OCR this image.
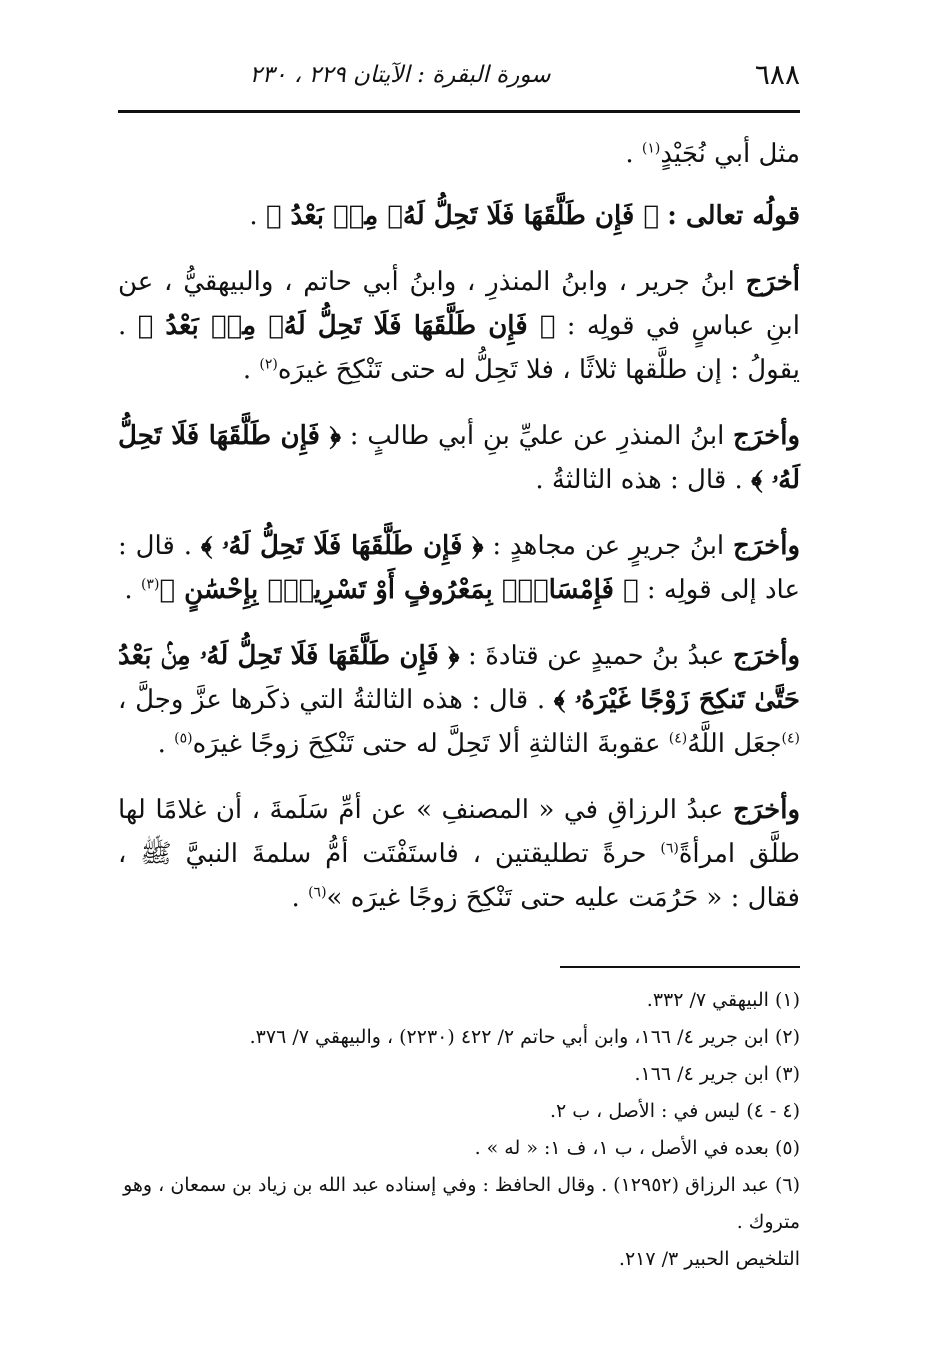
٦٨٨
سورة البقرة : الآيتان ٢٢٩ ، ٢٣٠

مثل أبي نُجَيْدٍ$^{(١)}$ .

قولُه تعالى : ﴿ فَإِن طَلَّقَهَا فَلَا تَحِلُّ لَهُۥ مِنۢ بَعْدُ ﴾ .

أخرَج ابنُ جرير ، وابنُ المنذرِ ، وابنُ أبي حاتم ، والبيهقيُّ ، عن ابنِ عباسٍ في قولِه : ﴿ فَإِن طَلَّقَهَا فَلَا تَحِلُّ لَهُۥ مِنۢ بَعْدُ ﴾ . يقولُ : إن طلَّقها ثلاثًا ، فلا تَحِلُّ له حتى تَنْكِحَ غيرَه$^{(٢)}$ .

وأخرَج ابنُ المنذرِ عن عليِّ بنِ أبي طالبٍ : ﴿ فَإِن طَلَّقَهَا فَلَا تَحِلُّ لَهُۥ ﴾ . قال : هذه الثالثةُ .

وأخرَج ابنُ جريرٍ عن مجاهدٍ : ﴿ فَإِن طَلَّقَهَا فَلَا تَحِلُّ لَهُۥ ﴾ . قال : عاد إلى قولِه : ﴿ فَإِمْسَاكٌۢ بِمَعْرُوفٍ أَوْ تَسْرِيحٌۢ بِإِحْسَٰنٍ ﴾$^{(٣)}$ .

وأخرَج عبدُ بنُ حميدٍ عن قتادةَ : ﴿ فَإِن طَلَّقَهَا فَلَا تَحِلُّ لَهُۥ مِنۢ بَعْدُ حَتَّىٰ تَنكِحَ زَوْجًا غَيْرَهُۥ ﴾ . قال : هذه الثالثةُ التي ذكَرها عزَّ وجلَّ ، $^{(٤)}$جعَل اللَّهُ$^{(٤)}$ عقوبةَ الثالثةِ ألا تَحِلَّ له حتى تَنْكِحَ زوجًا غيرَه$^{(٥)}$ .

وأخرَج عبدُ الرزاقِ في « المصنفِ » عن أمِّ سَلَمةَ ، أن غلامًا لها طلَّق امرأةً$^{(٦)}$ حرةً تطليقتين ، فاستَفْتَت أمُّ سلمةَ النبيَّ ﷺ ، فقال : « حَرُمَت عليه حتى تَنْكِحَ زوجًا غيرَه »$^{(٦)}$ .

(١) البيهقي ٧/ ٣٣٢.
(٢) ابن جرير ٤/ ١٦٦، وابن أبي حاتم ٢/ ٤٢٢ (٢٢٣٠) ، والبيهقي ٧/ ٣٧٦.
(٣) ابن جرير ٤/ ١٦٦.
(٤ - ٤) ليس في : الأصل ، ب ٢.
(٥) بعده في الأصل ، ب ١، ف ١: « له » .
(٦) عبد الرزاق (١٢٩٥٢) . وقال الحافظ : وفي إسناده عبد الله بن زياد بن سمعان ، وهو متروك .
التلخيص الحبير ٣/ ٢١٧.
